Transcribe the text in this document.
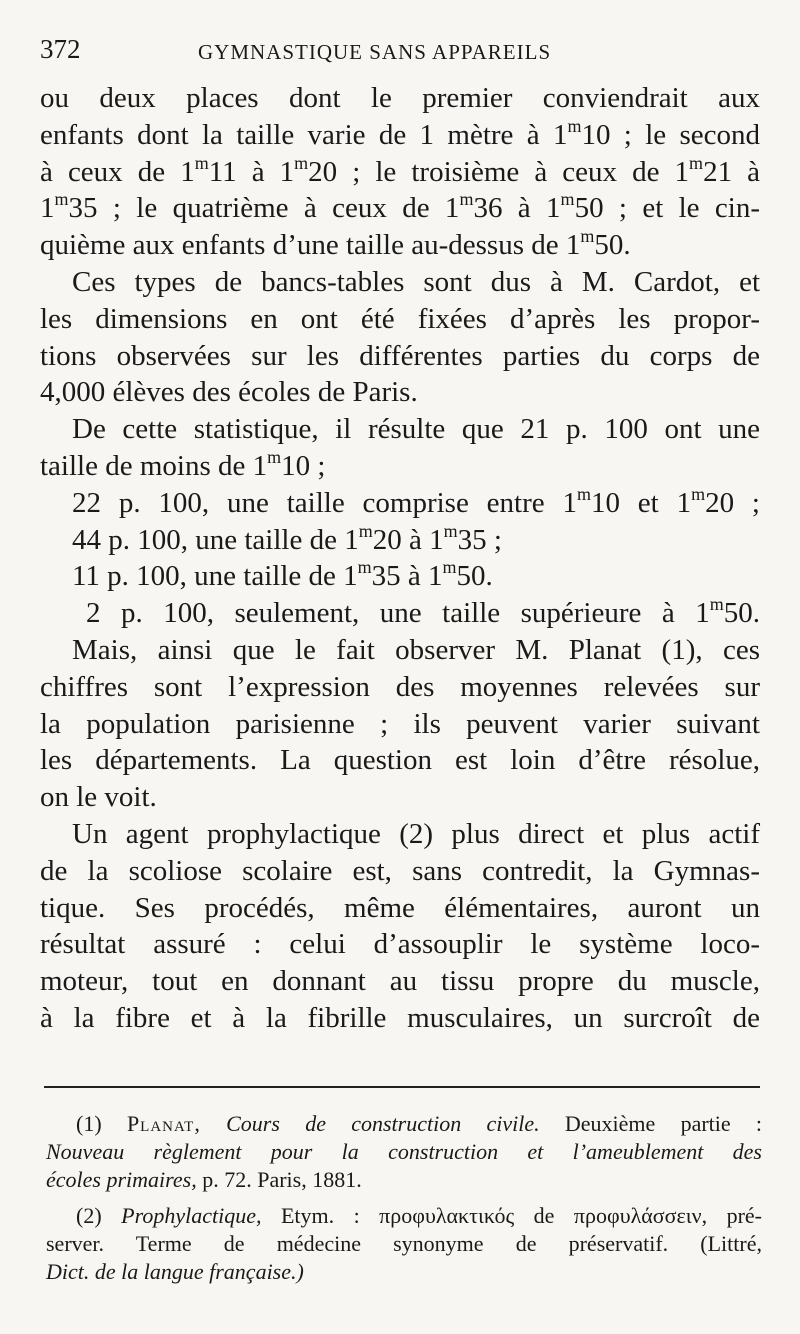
372	GYMNASTIQUE SANS APPAREILS
ou deux places dont le premier conviendrait aux
enfants dont la taille varie de 1 mètre à 1$^m$10 ; le second
à ceux de 1$^m$11 à 1$^m$20 ; le troisième à ceux de 1$^m$21 à
1$^m$35 ; le quatrième à ceux de 1$^m$36 à 1$^m$50 ; et le cin-
quième aux enfants d’une taille au-dessus de 1$^m$50.
Ces types de bancs-tables sont dus à M. Cardot, et
les dimensions en ont été fixées d’après les propor-
tions observées sur les différentes parties du corps de
4,000 élèves des écoles de Paris.
De cette statistique, il résulte que 21 p. 100 ont une
taille de moins de 1$^m$10 ;
22 p. 100, une taille comprise entre 1$^m$10 et 1$^m$20 ;
44 p. 100, une taille de 1$^m$20 à 1$^m$35 ;
11 p. 100, une taille de 1$^m$35 à 1$^m$50.
2 p. 100, seulement, une taille supérieure à 1$^m$50.
Mais, ainsi que le fait observer M. Planat (1), ces
chiffres sont l’expression des moyennes relevées sur
la population parisienne ; ils peuvent varier suivant
les départements. La question est loin d’être résolue,
on le voit.
Un agent prophylactique (2) plus direct et plus actif
de la scoliose scolaire est, sans contredit, la Gymnas-
tique. Ses procédés, même élémentaires, auront un
résultat assuré : celui d’assouplir le système loco-
moteur, tout en donnant au tissu propre du muscle,
à la fibre et à la fibrille musculaires, un surcroît de
(1) Planat, Cours de construction civile. Deuxième partie :
Nouveau règlement pour la construction et l’ameublement des
écoles primaires, p. 72. Paris, 1881.
(2) Prophylactique, Etym. : προφυλακτικός de προφυλάσσειν, pré-
server. Terme de médecine synonyme de préservatif. (Littré,
Dict. de la langue française.)
